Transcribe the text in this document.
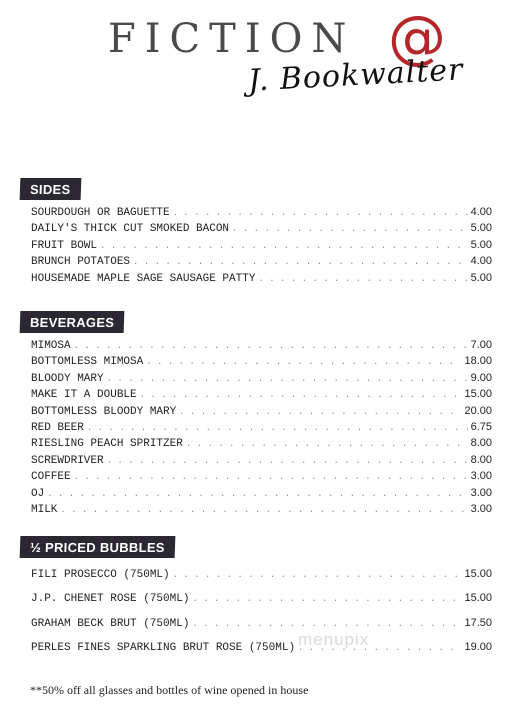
FICTION @
J. Bookwalter
SIDES
SOURDOUGH OR BAGUETTE . . .	4.00
DAILY'S THICK CUT SMOKED BACON . . .	5.00
FRUIT BOWL . . .	5.00
BRUNCH POTATOES . . .	4.00
HOUSEMADE MAPLE SAGE SAUSAGE PATTY . . .	5.00
BEVERAGES
MIMOSA . . .	7.00
BOTTOMLESS MIMOSA . . .	18.00
BLOODY MARY . . .	9.00
MAKE IT A DOUBLE . . .	15.00
BOTTOMLESS BLOODY MARY . . .	20.00
RED BEER . . .	6.75
RIESLING PEACH SPRITZER . . .	8.00
SCREWDRIVER . . .	8.00
COFFEE . . .	3.00
OJ . . .	3.00
MILK . . .	3.00
½ PRICED BUBBLES
FILI PROSECCO (750ML) . . .	15.00
J.P. CHENET ROSE (750ML) . . .	15.00
GRAHAM BECK BRUT (750ML) . . .	17.50
PERLES FINES SPARKLING BRUT ROSE (750ML) . . .	19.00
**50% off all glasses and bottles of wine opened in house
menupix
